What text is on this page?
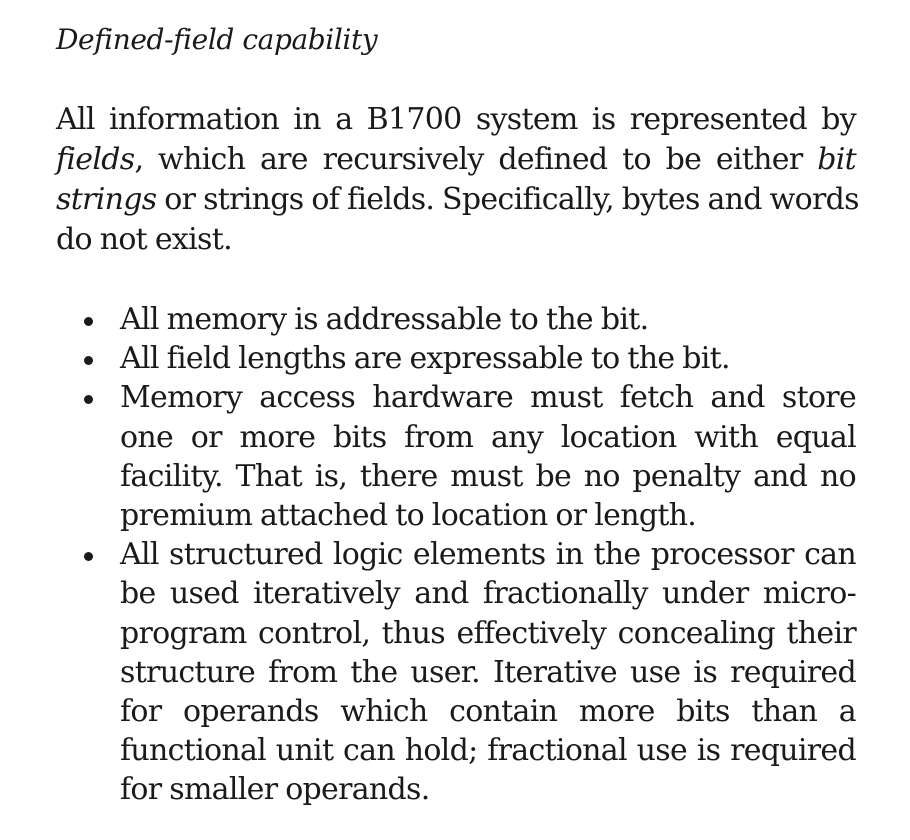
Defined-field capability
All information in a B1700 system is represented by
fields, which are recursively defined to be either bit
strings or strings of fields. Specifically, bytes and words
do not exist.
All memory is addressable to the bit.
All field lengths are expressable to the bit.
Memory access hardware must fetch and store
one or more bits from any location with equal
facility. That is, there must be no penalty and no
premium attached to location or length.
All structured logic elements in the processor can
be used iteratively and fractionally under micro-
program control, thus effectively concealing their
structure from the user. Iterative use is required
for operands which contain more bits than a
functional unit can hold; fractional use is required
for smaller operands.
